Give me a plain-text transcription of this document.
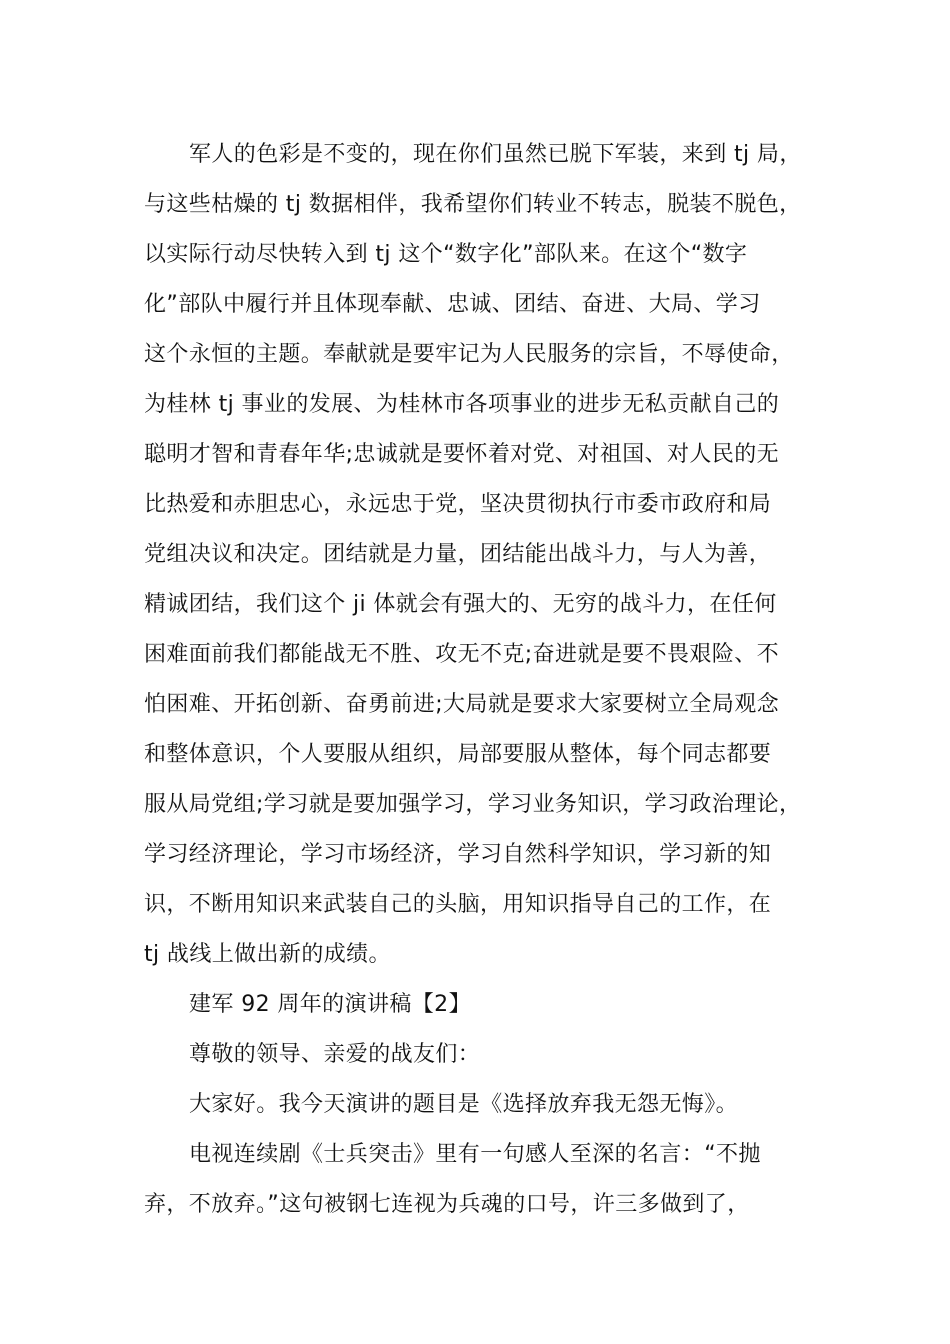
军人的色彩是不变的，现在你们虽然已脱下军装，来到 tj 局，
与这些枯燥的 tj 数据相伴，我希望你们转业不转志，脱装不脱色，
以实际行动尽快转入到 tj 这个“数字化”部队来。在这个“数字
化”部队中履行并且体现奉献、忠诚、团结、奋进、大局、学习
这个永恒的主题。奉献就是要牢记为人民服务的宗旨，不辱使命，
为桂林 tj 事业的发展、为桂林市各项事业的进步无私贡献自己的
聪明才智和青春年华;忠诚就是要怀着对党、对祖国、对人民的无
比热爱和赤胆忠心，永远忠于党，坚决贯彻执行市委市政府和局
党组决议和决定。团结就是力量，团结能出战斗力，与人为善，
精诚团结，我们这个 ji 体就会有强大的、无穷的战斗力，在任何
困难面前我们都能战无不胜、攻无不克;奋进就是要不畏艰险、不
怕困难、开拓创新、奋勇前进;大局就是要求大家要树立全局观念
和整体意识，个人要服从组织，局部要服从整体，每个同志都要
服从局党组;学习就是要加强学习，学习业务知识，学习政治理论，
学习经济理论，学习市场经济，学习自然科学知识，学习新的知
识，不断用知识来武装自己的头脑，用知识指导自己的工作，在
tj 战线上做出新的成绩。
建军 92 周年的演讲稿【2】
尊敬的领导、亲爱的战友们：
大家好。我今天演讲的题目是《选择放弃我无怨无悔》。
电视连续剧《士兵突击》里有一句感人至深的名言：“不抛
弃，不放弃。”这句被钢七连视为兵魂的口号，许三多做到了，
